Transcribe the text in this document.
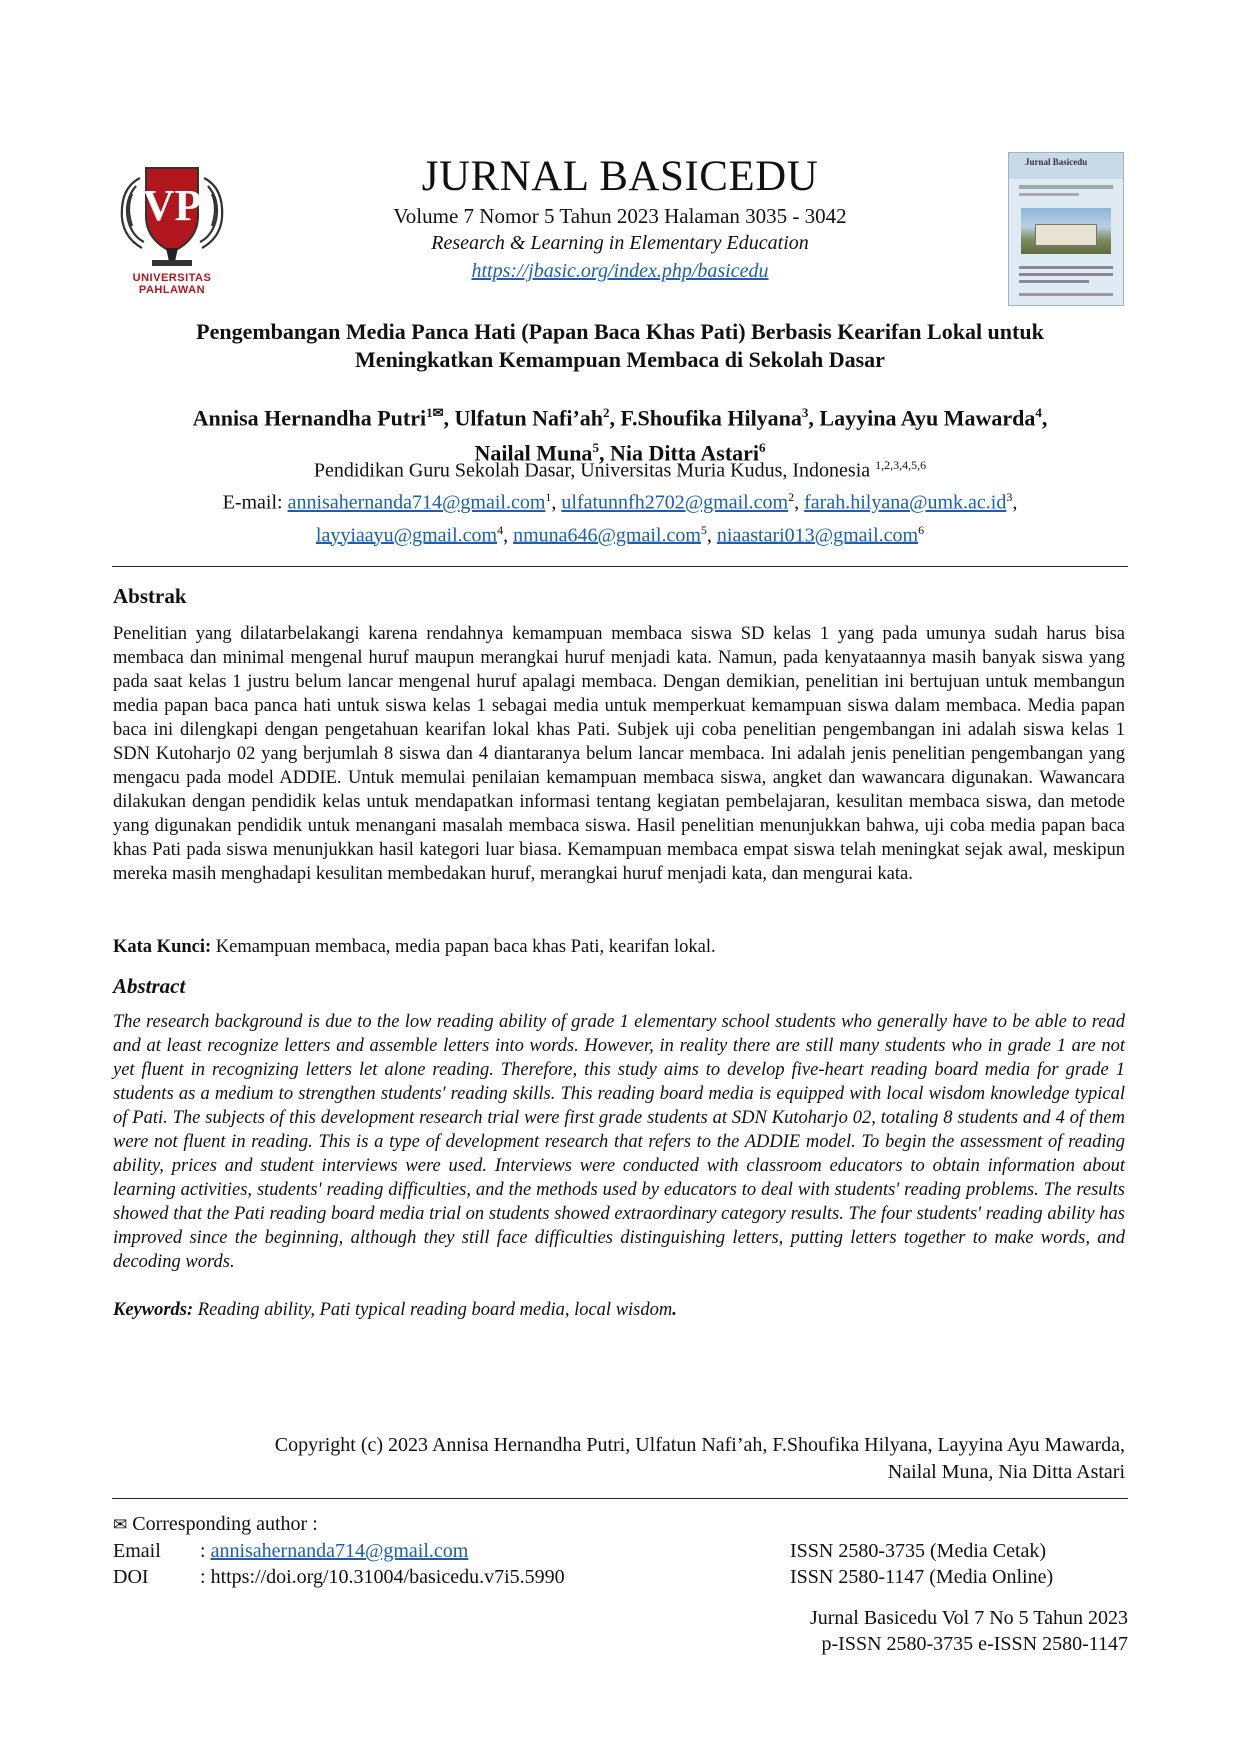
VP
UNIVERSITAS PAHLAWAN
JURNAL BASICEDU
Volume 7 Nomor 5 Tahun 2023 Halaman 3035 - 3042
Research & Learning in Elementary Education
https://jbasic.org/index.php/basicedu
Jurnal Basicedu
Pengembangan Media Panca Hati (Papan Baca Khas Pati) Berbasis Kearifan Lokal untuk
Meningkatkan Kemampuan Membaca di Sekolah Dasar
Annisa Hernandha Putri$^{1✉}$, Ulfatun $Nafi’ah^2$, F.Shoufika Hilyana$^3$, Layyina Ayu Mawarda$^4$,
Nailal Muna$^5$, Nia Ditta Astari$^6$
Pendidikan Guru Sekolah Dasar, Universitas Muria Kudus, Indonesia $^{1,2,3,4,5,6}$
E-mail: annisahernanda714@gmail.com$^1$, ulfatunnfh2702@gmail.com$^2$, $farah.hilyana@umk.ac.id^3$,
layyiaayu@gmail.com$^4$, nmuna646@gmail.com$^5$, niaastari013@gmail.com$^6$
Abstrak
Penelitian yang dilatarbelakangi karena rendahnya kemampuan membaca siswa SD kelas 1 yang pada umunya sudah harus bisa membaca dan minimal mengenal huruf maupun merangkai huruf menjadi kata. Namun, pada kenyataannya masih banyak siswa yang pada saat kelas 1 justru belum lancar mengenal huruf apalagi membaca. Dengan demikian, penelitian ini bertujuan untuk membangun media papan baca panca hati untuk siswa kelas 1 sebagai media untuk memperkuat kemampuan siswa dalam membaca. Media papan baca ini dilengkapi dengan pengetahuan kearifan lokal khas Pati. Subjek uji coba penelitian pengembangan ini adalah siswa kelas 1 SDN Kutoharjo 02 yang berjumlah 8 siswa dan 4 diantaranya belum lancar membaca. Ini adalah jenis penelitian pengembangan yang mengacu pada model ADDIE. Untuk memulai penilaian kemampuan membaca siswa, angket dan wawancara digunakan. Wawancara dilakukan dengan pendidik kelas untuk mendapatkan informasi tentang kegiatan pembelajaran, kesulitan membaca siswa, dan metode yang digunakan pendidik untuk menangani masalah membaca siswa. Hasil penelitian menunjukkan bahwa, uji coba media papan baca khas Pati pada siswa menunjukkan hasil kategori luar biasa. Kemampuan membaca empat siswa telah meningkat sejak awal, meskipun mereka masih menghadapi kesulitan membedakan huruf, merangkai huruf menjadi kata, dan mengurai kata.
Kata Kunci: Kemampuan membaca, media papan baca khas Pati, kearifan lokal.
Abstract
The research background is due to the low reading ability of grade 1 elementary school students who generally have to be able to read and at least recognize letters and assemble letters into words. However, in reality there are still many students who in grade 1 are not yet fluent in recognizing letters let alone reading. Therefore, this study aims to develop five-heart reading board media for grade 1 students as a medium to strengthen students' reading skills. This reading board media is equipped with local wisdom knowledge typical of Pati. The subjects of this development research trial were first grade students at SDN Kutoharjo 02, totaling 8 students and 4 of them were not fluent in reading. This is a type of development research that refers to the ADDIE model. To begin the assessment of reading ability, prices and student interviews were used. Interviews were conducted with classroom educators to obtain information about learning activities, students' reading difficulties, and the methods used by educators to deal with students' reading problems. The results showed that the Pati reading board media trial on students showed extraordinary category results. The four students' reading ability has improved since the beginning, although they still face difficulties distinguishing letters, putting letters together to make words, and decoding words.
Keywords: Reading ability, Pati typical reading board media, local wisdom.
Copyright (c) 2023 Annisa Hernandha Putri, Ulfatun Nafi’ah, F.Shoufika Hilyana, Layyina Ayu Mawarda,
Nailal Muna, Nia Ditta Astari
✉ Corresponding author :
Email : annisahernanda714@gmail.com
DOI	: https://doi.org/10.31004/basicedu.v7i5.5990
ISSN 2580-3735 (Media Cetak)
ISSN 2580-1147 (Media Online)
Jurnal Basicedu Vol 7 No 5 Tahun 2023
p-ISSN 2580-3735 e-ISSN 2580-1147
